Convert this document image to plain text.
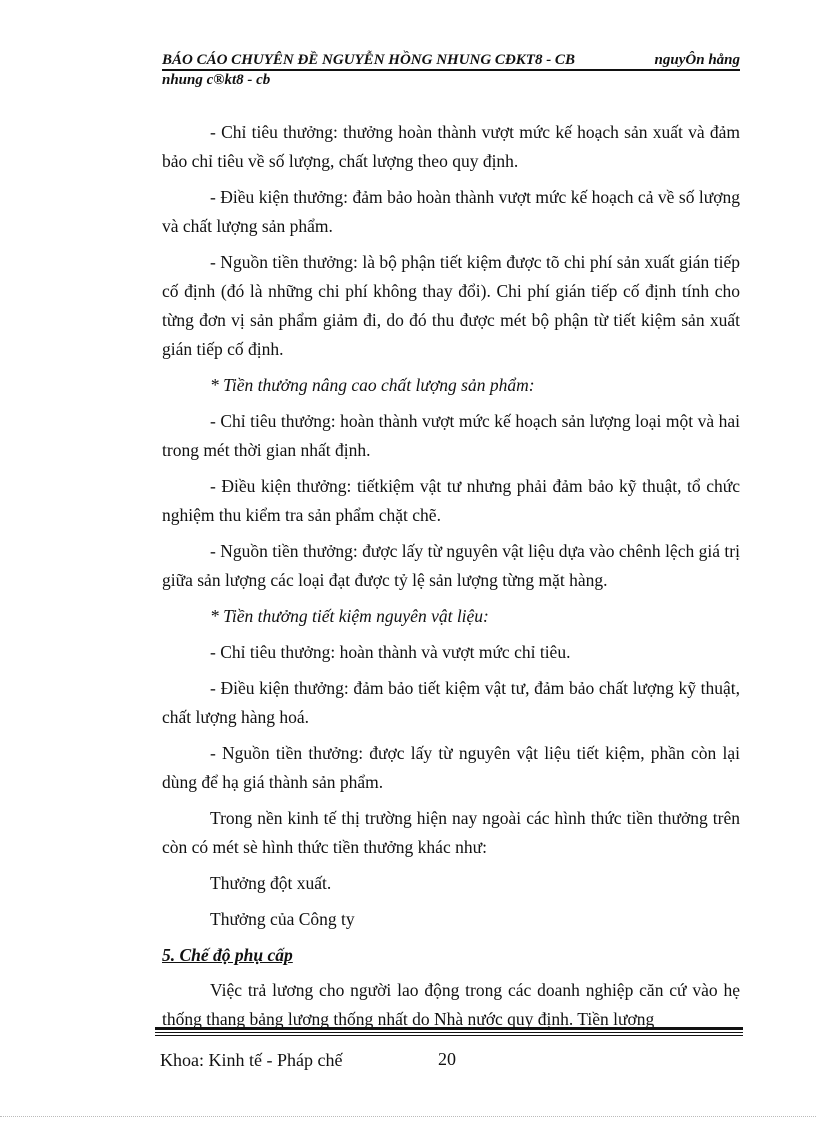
BÁO CÁO CHUYÊN ĐỀ NGUYỄN HỒNG NHUNG CĐKT8 - CB	nguyÔn hång
nhung c®kt8 - cb

- Chỉ tiêu thưởng: thưởng hoàn thành vượt mức kế hoạch sản xuất và đảm bảo chỉ tiêu về số lượng, chất lượng theo quy định.

- Điều kiện thưởng: đảm bảo hoàn thành vượt mức kế hoạch cả về số lượng và chất lượng sản phẩm.

- Nguồn tiền thưởng: là bộ phận tiết kiệm được tõ chi phí sản xuất gián tiếp cố định (đó là những chi phí không thay đổi). Chi phí gián tiếp cố định tính cho từng đơn vị sản phẩm giảm đi, do đó thu được mét bộ phận từ tiết kiệm sản xuất gián tiếp cố định.

* Tiền thưởng nâng cao chất lượng sản phẩm:

- Chỉ tiêu thưởng: hoàn thành vượt mức kế hoạch sản lượng loại một và hai trong mét thời gian nhất định.

- Điều kiện thưởng: tiếtkiệm vật tư nhưng phải đảm bảo kỹ thuật, tổ chức nghiệm thu kiểm tra sản phẩm chặt chẽ.

- Nguồn tiền thưởng: được lấy từ nguyên vật liệu dựa vào chênh lệch giá trị giữa sản lượng các loại đạt được tỷ lệ sản lượng từng mặt hàng.

* Tiền thưởng tiết kiệm nguyên vật liệu:

- Chỉ tiêu thưởng: hoàn thành và vượt mức chỉ tiêu.

- Điều kiện thưởng: đảm bảo tiết kiệm vật tư, đảm bảo chất lượng kỹ thuật, chất lượng hàng hoá.

- Nguồn tiền thưởng: được lấy từ nguyên vật liệu tiết kiệm, phần còn lại dùng để hạ giá thành sản phẩm.

Trong nền kinh tế thị trường hiện nay ngoài các hình thức tiền thưởng trên còn có mét sè hình thức tiền thưởng khác như:

Thưởng đột xuất.

Thưởng của Công ty

5. Chế độ phụ cấp

Việc trả lương cho người lao động trong các doanh nghiệp căn cứ vào hẹ thống thang bảng lương thống nhất do Nhà nước quy định. Tiền lương

Khoa: Kinh tế - Pháp chế	20
